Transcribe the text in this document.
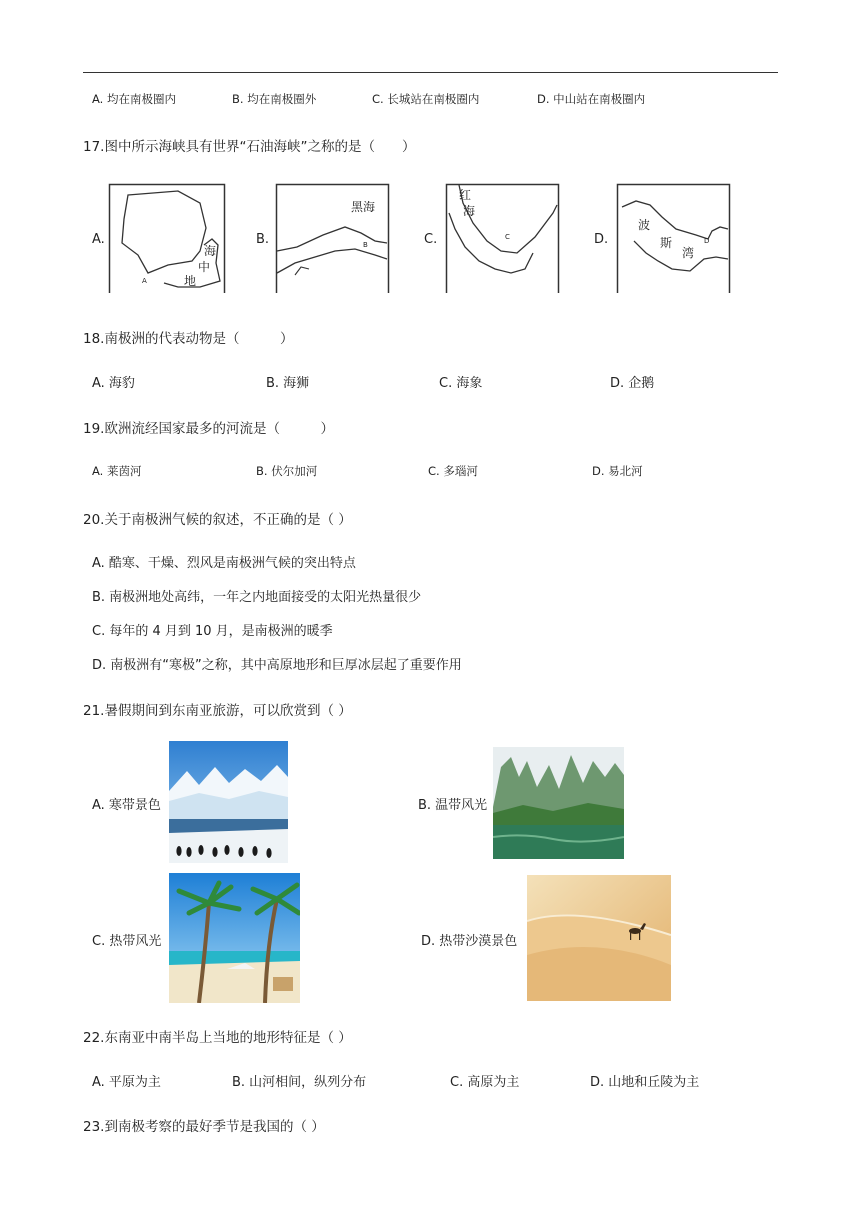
A. 均在南极圈内	B. 均在南极圈外	C. 长城站在南极圈内	D. 中山站在南极圈内
17.图中所示海峡具有世界“石油海峡”之称的是（　　）
A.
海
中
地
A
B.
黑海
B	C.
红
海
C	D.
波
斯
湾
D
18.南极洲的代表动物是（　　　）
A. 海豹	B. 海狮	C. 海象	D. 企鹅
19.欧洲流经国家最多的河流是（　　　）
A. 莱茵河	B. 伏尔加河	C. 多瑙河	D. 易北河
20.关于南极洲气候的叙述，不正确的是（ ）
A. 酷寒、干燥、烈风是南极洲气候的突出特点
B. 南极洲地处高纬，一年之内地面接受的太阳光热量很少
C. 每年的 4 月到 10 月，是南极洲的暖季
D. 南极洲有“寒极”之称，其中高原地形和巨厚冰层起了重要作用
21.暑假期间到东南亚旅游，可以欣赏到（ ）
A. 寒带景色	B. 温带风光
C. 热带风光	D. 热带沙漠景色
22.东南亚中南半岛上当地的地形特征是（ ）
A. 平原为主	B. 山河相间，纵列分布	C. 高原为主	D. 山地和丘陵为主
23.到南极考察的最好季节是我国的（ ）
